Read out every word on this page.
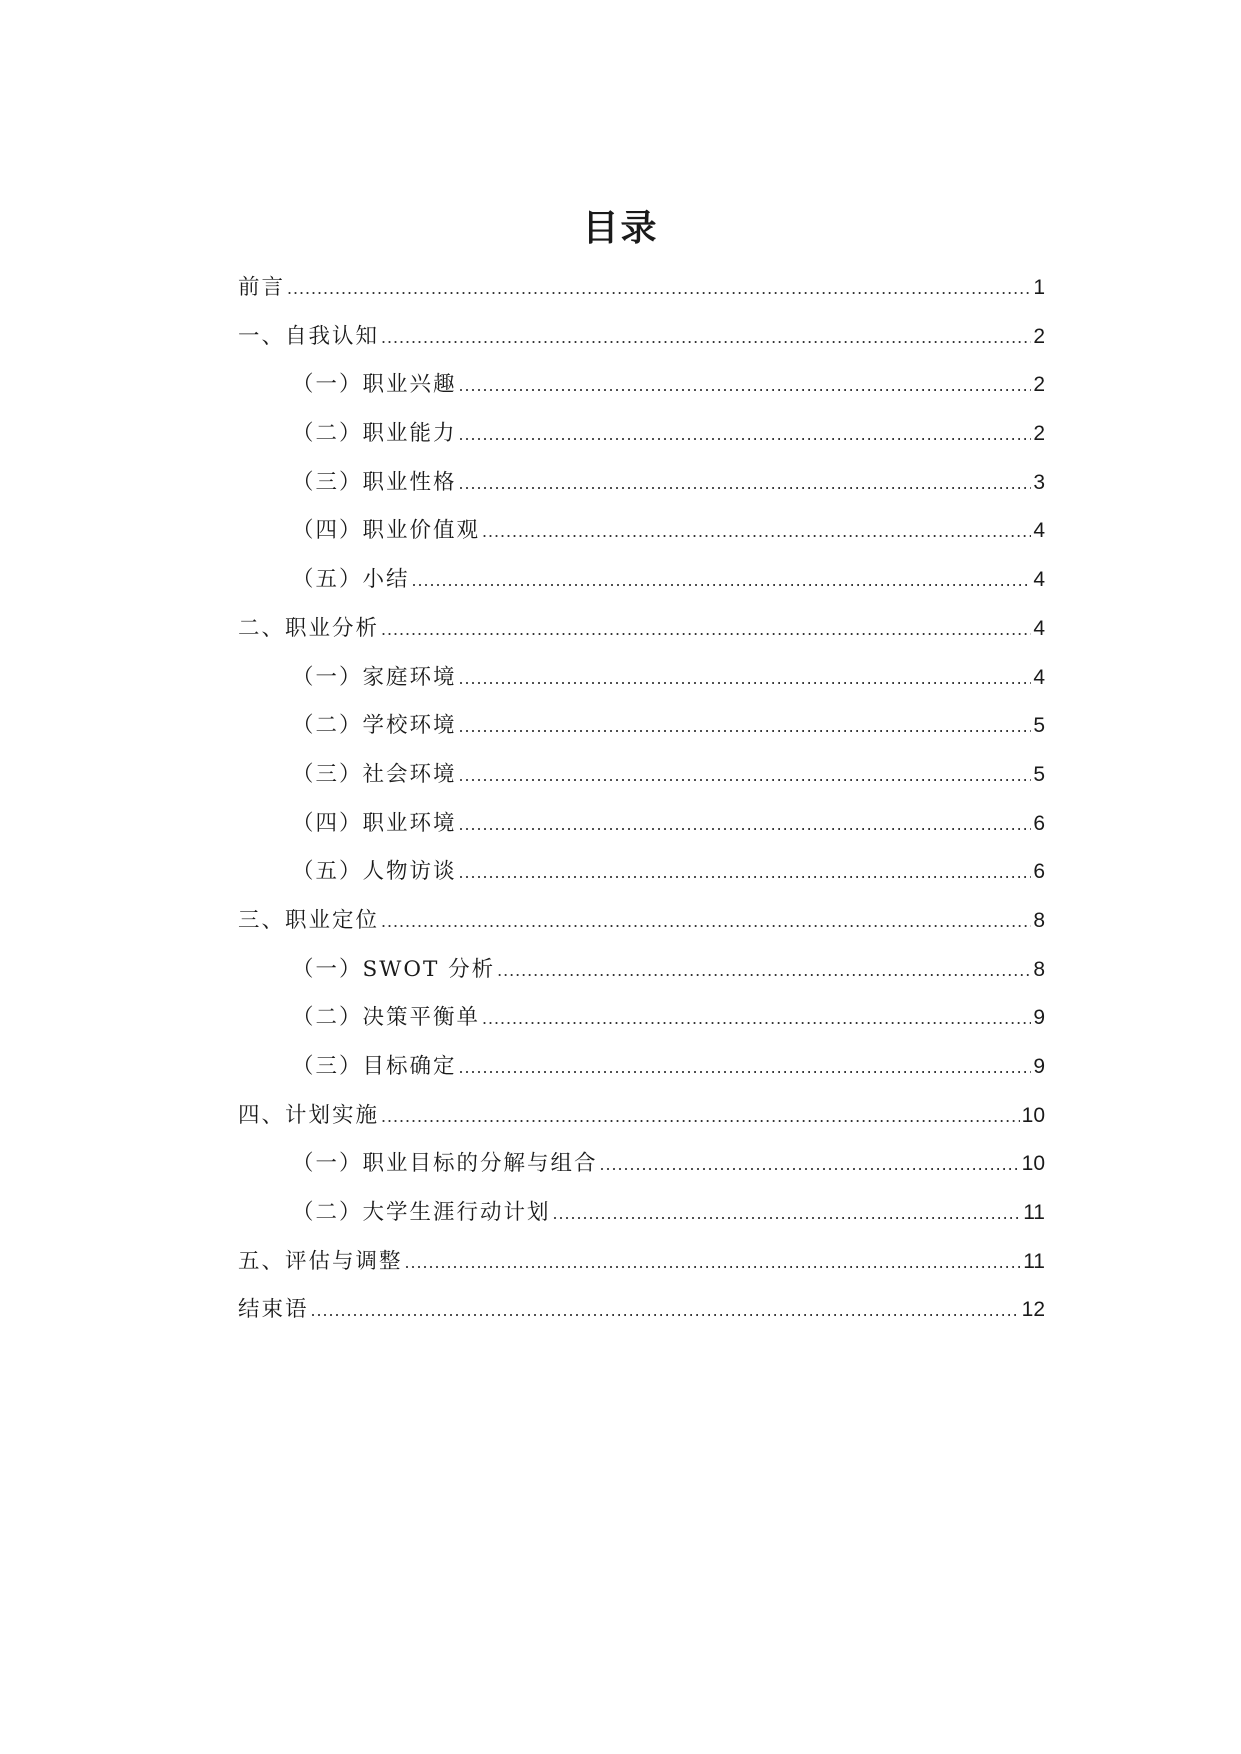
目录
前言 .....	1
一、自我认知 .....	2
（一）职业兴趣 .....	2
（二）职业能力 .....	2
（三）职业性格 .....	3
（四）职业价值观 .....	4
（五）小结 .....	4
二、职业分析 .....	4
（一）家庭环境 .....	4
（二）学校环境 .....	5
（三）社会环境 .....	5
（四）职业环境 .....	6
（五）人物访谈 .....	6
三、职业定位 .....	8
（一）SWOT 分析 .....	8
（二）决策平衡单 .....	9
（三）目标确定 .....	9
四、计划实施 .....	10
（一）职业目标的分解与组合 .....	10
（二）大学生涯行动计划 .....	11
五、评估与调整 .....	11
结束语 .....	12
